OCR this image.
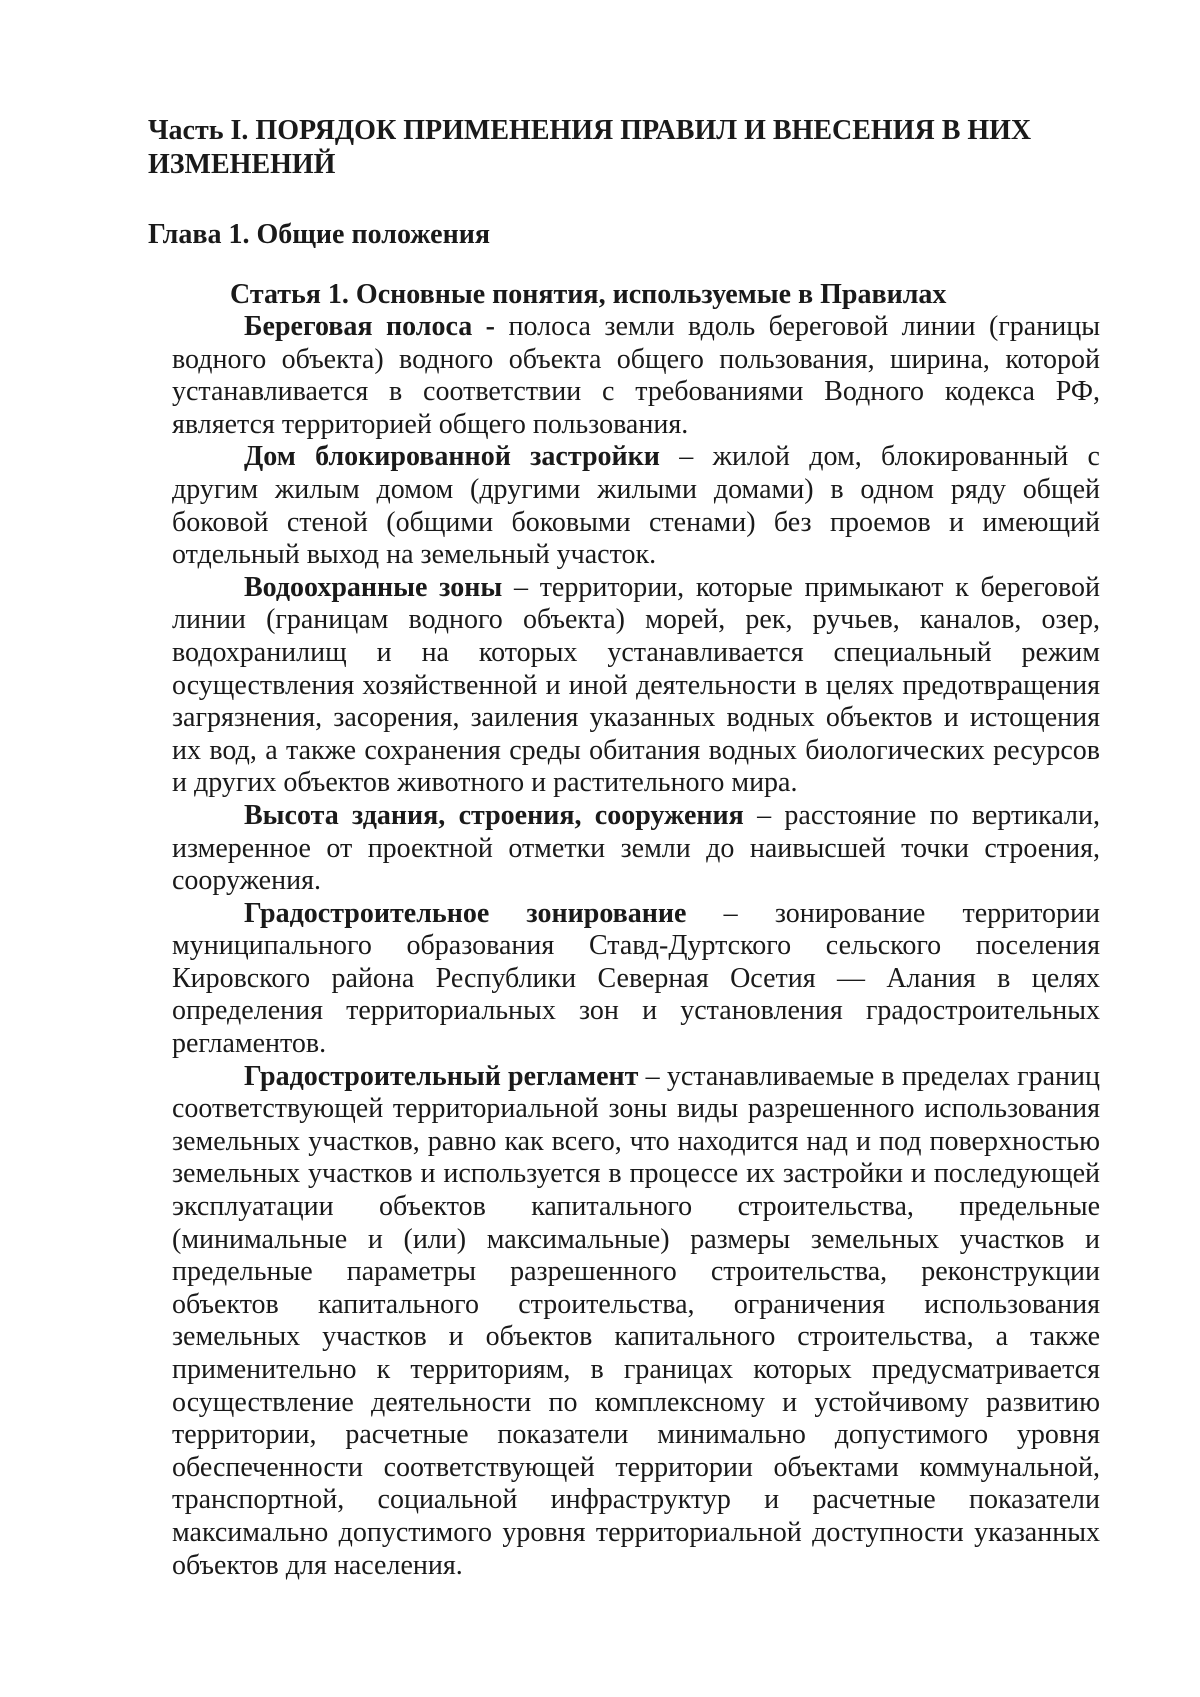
Часть I. ПОРЯДОК ПРИМЕНЕНИЯ ПРАВИЛ И ВНЕСЕНИЯ В НИХ ИЗМЕНЕНИЙ
Глава 1. Общие положения
Статья 1. Основные понятия, используемые в Правилах

Береговая полоса - полоса земли вдоль береговой линии (границы водного объекта) водного объекта общего пользования, ширина, которой устанавливается в соответствии с требованиями Водного кодекса РФ, является территорией общего пользования.

Дом блокированной застройки – жилой дом, блокированный с другим жилым домом (другими жилыми домами) в одном ряду общей боковой стеной (общими боковыми стенами) без проемов и имеющий отдельный выход на земельный участок.

Водоохранные зоны – территории, которые примыкают к береговой линии (границам водного объекта) морей, рек, ручьев, каналов, озер, водохранилищ и на которых устанавливается специальный режим осуществления хозяйственной и иной деятельности в целях предотвращения загрязнения, засорения, заиления указанных водных объектов и истощения их вод, а также сохранения среды обитания водных биологических ресурсов и других объектов животного и растительного мира.

Высота здания, строения, сооружения – расстояние по вертикали, измеренное от проектной отметки земли до наивысшей точки строения, сооружения.

Градостроительное зонирование – зонирование территории муниципального образования Ставд-Дуртского сельского поселения Кировского района Республики Северная Осетия — Алания в целях определения территориальных зон и установления градостроительных регламентов.

Градостроительный регламент – устанавливаемые в пределах границ соответствующей территориальной зоны виды разрешенного использования земельных участков, равно как всего, что находится над и под поверхностью земельных участков и используется в процессе их застройки и последующей эксплуатации объектов капитального строительства, предельные (минимальные и (или) максимальные) размеры земельных участков и предельные параметры разрешенного строительства, реконструкции объектов капитального строительства, ограничения использования земельных участков и объектов капитального строительства, а также применительно к территориям, в границах которых предусматривается осуществление деятельности по комплексному и устойчивому развитию территории, расчетные показатели минимально допустимого уровня обеспеченности соответствующей территории объектами коммунальной, транспортной, социальной инфраструктур и расчетные показатели максимально допустимого уровня территориальной доступности указанных объектов для населения.
